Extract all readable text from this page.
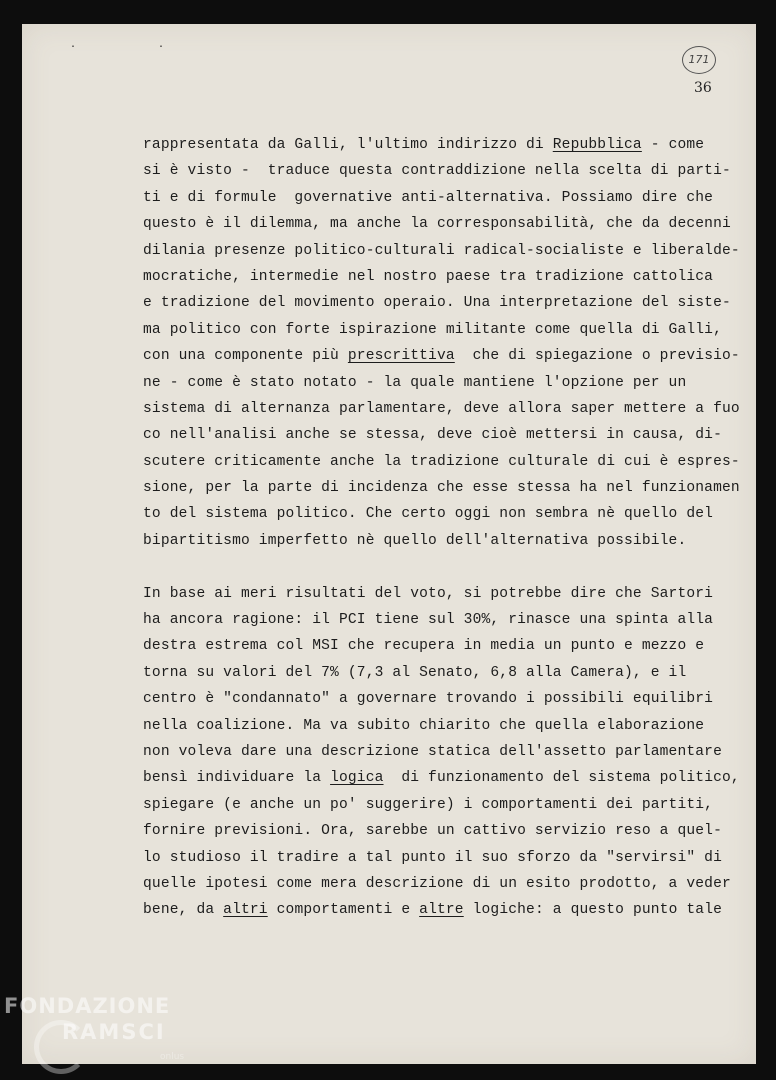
· ·
171
36
rappresentata da Galli, l'ultimo indirizzo di Repubblica - come
si è visto -  traduce questa contraddizione nella scelta di parti-
ti e di formule  governative anti-alternativa. Possiamo dire che
questo è il dilemma, ma anche la corresponsabilità, che da decenni
dilania presenze politico-culturali radical-socialiste e liberalde-
mocratiche, intermedie nel nostro paese tra tradizione cattolica
e tradizione del movimento operaio. Una interpretazione del siste-
ma politico con forte ispirazione militante come quella di Galli,
con una componente più prescrittiva  che di spiegazione o previsio-
ne - come è stato notato - la quale mantiene l'opzione per un
sistema di alternanza parlamentare, deve allora saper mettere a fuo
co nell'analisi anche se stessa, deve cioè mettersi in causa, di-
scutere criticamente anche la tradizione culturale di cui è espres-
sione, per la parte di incidenza che esse stessa ha nel funzionamen
to del sistema politico. Che certo oggi non sembra nè quello del
bipartitismo imperfetto nè quello dell'alternativa possibile.
In base ai meri risultati del voto, si potrebbe dire che Sartori
ha ancora ragione: il PCI tiene sul 30%, rinasce una spinta alla
destra estrema col MSI che recupera in media un punto e mezzo e
torna su valori del 7% (7,3 al Senato, 6,8 alla Camera), e il
centro è "condannato" a governare trovando i possibili equilibri
nella coalizione. Ma va subito chiarito che quella elaborazione
non voleva dare una descrizione statica dell'assetto parlamentare
bensì individuare la logica  di funzionamento del sistema politico,
spiegare (e anche un po' suggerire) i comportamenti dei partiti,
fornire previsioni. Ora, sarebbe un cattivo servizio reso a quel-
lo studioso il tradire a tal punto il suo sforzo da "servirsi" di
quelle ipotesi come mera descrizione di un esito prodotto, a veder
bene, da altri comportamenti e altre logiche: a questo punto tale
FONDAZIONE
RAMSCI
onlus
